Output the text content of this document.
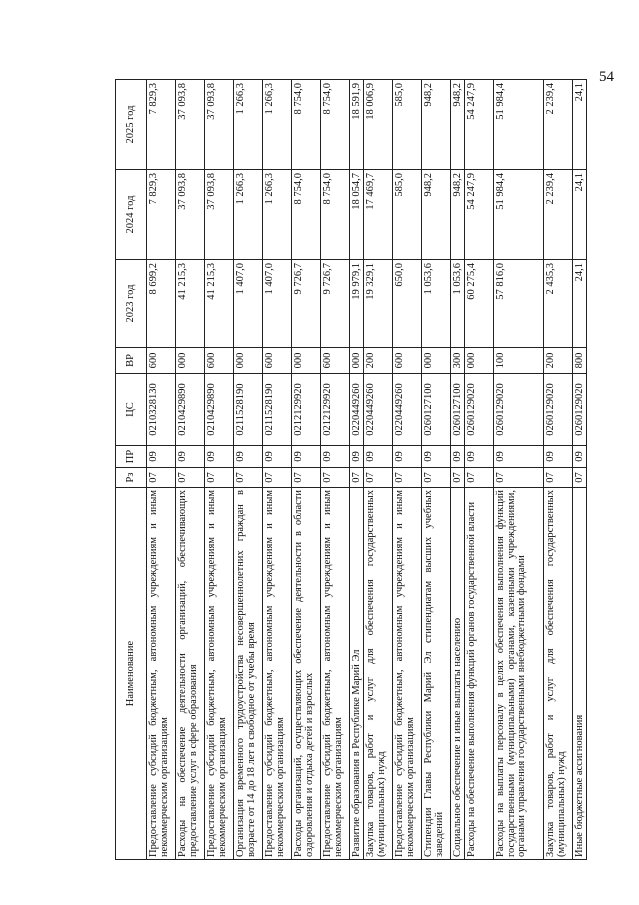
54
Наименование	Рз	ПР	ЦС	ВР	2023 год	2024 год	2025 год
Предоставление субсидий бюджетным, автономным учреждениям и иным некоммерческим организациям	07	09	0210328130	600	8 699,2	7 829,3	7 829,3
Расходы на обеспечение деятельности организаций, обеспечивающих предоставление услуг в сфере образования	07	09	0210429890	000	41 215,3	37 093,8	37 093,8
Предоставление субсидий бюджетным, автономным учреждениям и иным некоммерческим организациям	07	09	0210429890	600	41 215,3	37 093,8	37 093,8
Организация временного трудоустройства несовершеннолетних граждан в возрасте от 14 до 18 лет в свободное от учебы время	07	09	0211528190	000	1 407,0	1 266,3	1 266,3
Предоставление субсидий бюджетным, автономным учреждениям и иным некоммерческим организациям	07	09	0211528190	600	1 407,0	1 266,3	1 266,3
Расходы организаций, осуществляющих обеспечение деятельности в области оздоровления и отдыха детей и взрослых	07	09	0212129920	000	9 726,7	8 754,0	8 754,0
Предоставление субсидий бюджетным, автономным учреждениям и иным некоммерческим организациям	07	09	0212129920	600	9 726,7	8 754,0	8 754,0
Развитие образования в Республике Марий Эл	07	09	0220449260	000	19 979,1	18 054,7	18 591,9
Закупка товаров, работ и услуг для обеспечения государственных (муниципальных) нужд	07	09	0220449260	200	19 329,1	17 469,7	18 006,9
Предоставление субсидий бюджетным, автономным учреждениям и иным некоммерческим организациям	07	09	0220449260	600	650,0	585,0	585,0
Стипендии Главы Республики Марий Эл стипендиатам высших учебных заведений	07	09	0260127100	000	1 053,6	948,2	948,2
Социальное обеспечение и иные выплаты населению	07	09	0260127100	300	1 053,6	948,2	948,2
Расходы на обеспечение выполнения функций органов государственной власти	07	09	0260129020	000	60 275,4	54 247,9	54 247,9
Расходы на выплаты персоналу в целях обеспечения выполнения функций государственными (муниципальными) органами, казенными учреждениями, органами управления государственными внебюджетными фондами	07	09	0260129020	100	57 816,0	51 984,4	51 984,4
Закупка товаров, работ и услуг для обеспечения государственных (муниципальных) нужд	07	09	0260129020	200	2 435,3	2 239,4	2 239,4
Иные бюджетные ассигнования	07	09	0260129020	800	24,1	24,1	24,1
